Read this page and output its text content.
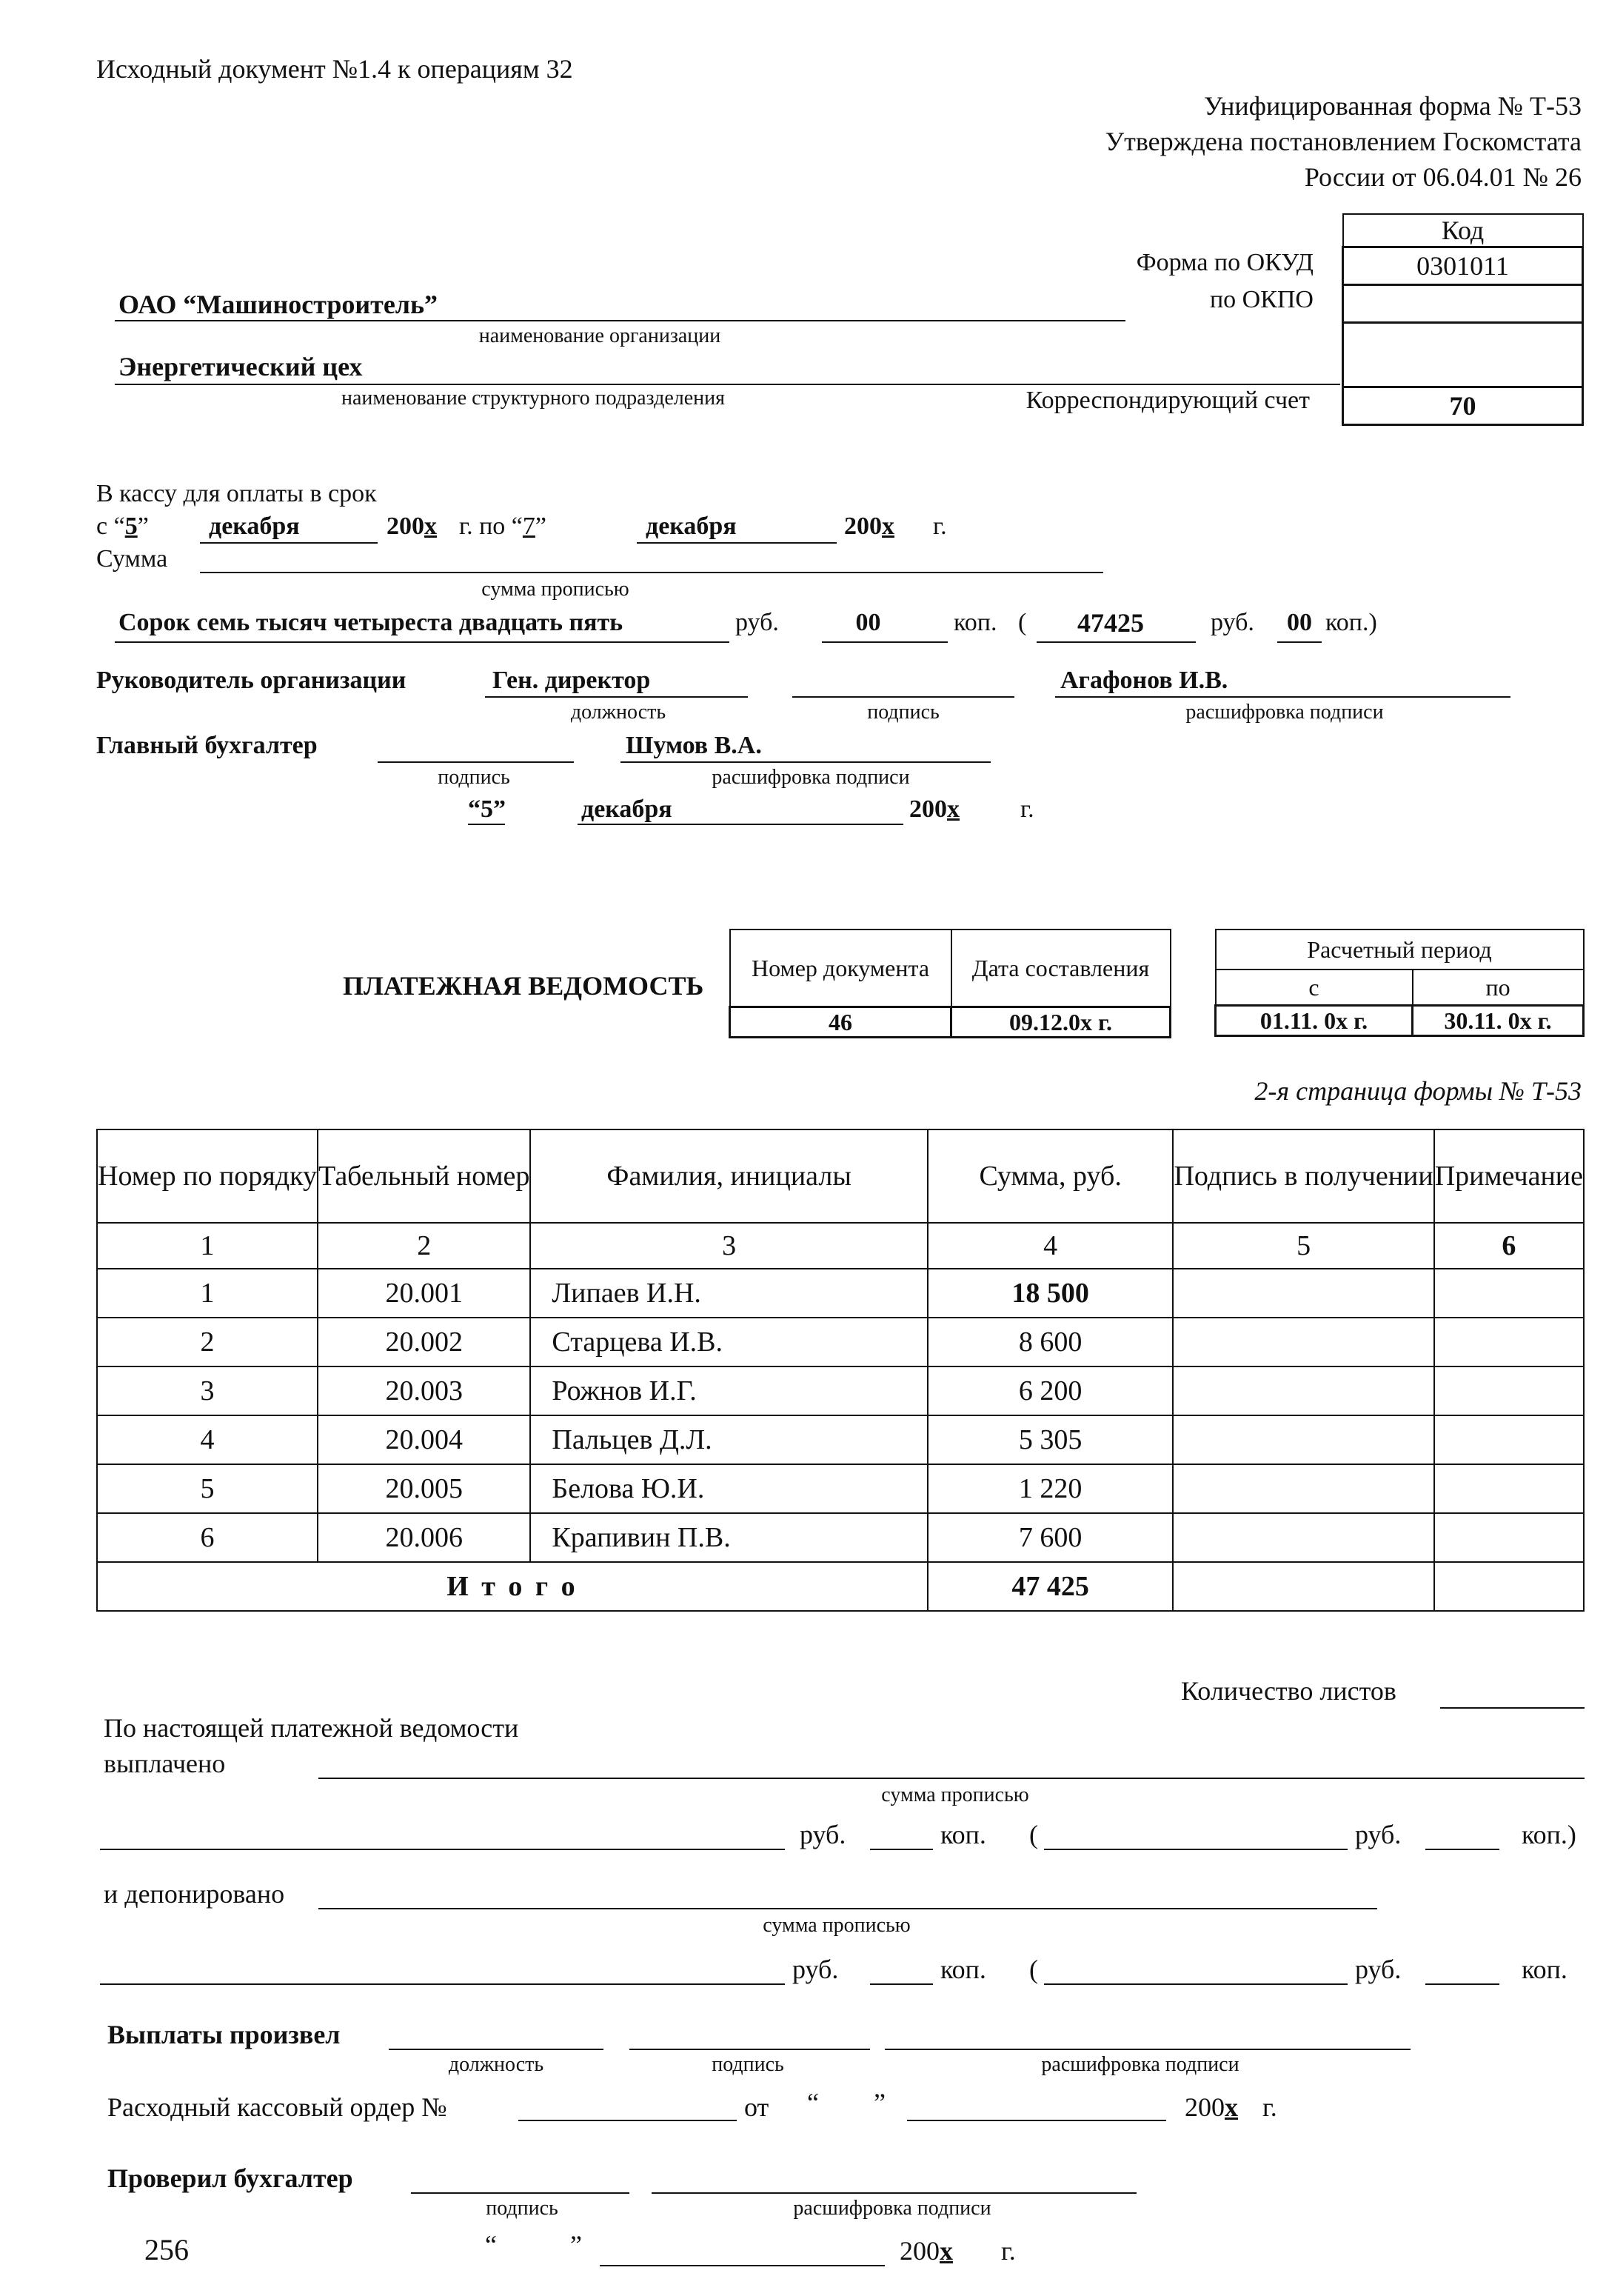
Исходный документ №1.4 к операциям 32
Унифицированная форма № Т-53
Утверждена постановлением Госкомстата
России от 06.04.01 № 26
Код
0301011

70
Форма по ОКУД
по ОКПО
Корреспондирующий счет
ОАО “Машиностроитель”
наименование организации
Энергетический цех
наименование структурного подразделения
В кассу для оплаты в срок
с “5” декабря	200х г. по “7”	декабря	200х г.
Сумма
сумма прописью
Сорок семь тысяч четыреста двадцать пять	руб.	00	коп. (	47425	руб.	00 коп.)
Руководитель организации	Ген. директор	Агафонов И.В.
должность	подпись	расшифровка подписи
Главный бухгалтер	Шумов В.А.
подпись	расшифровка подписи
“5”	декабря	200х г.
ПЛАТЕЖНАЯ ВЕДОМОСТЬ
Номер документа	Дата составления
46	09.12.0х г.
Расчетный период	
с	по
01.11. 0х г.	30.11. 0х г.
2-я страница формы № Т-53
Номер по порядку	Табельный номер	Фамилия, инициалы	Сумма, руб.	Подпись в получении	Примечание
1	2	3	4	5	6
1	20.001	Липаев И.Н.	18 500		
2	20.002	Старцева И.В.	8 600		
3	20.003	Рожнов И.Г.	6 200		
4	20.004	Пальцев Д.Л.	5 305		
5	20.005	Белова Ю.И.	1 220		
6	20.006	Крапивин П.В.	7 600		
И т о г о			47 425		
Количество листов
По настоящей платежной ведомости
выплачено
сумма прописью
руб.	коп. (	руб.	коп.)
и депонировано
сумма прописью
руб.	коп. (	руб.	коп.
Выплаты произвел
должность	подпись	расшифровка подписи
Расходный кассовый ордер №	от “ ”	200х г.
Проверил бухгалтер
подпись	расшифровка подписи
256	“	”	200х г.
